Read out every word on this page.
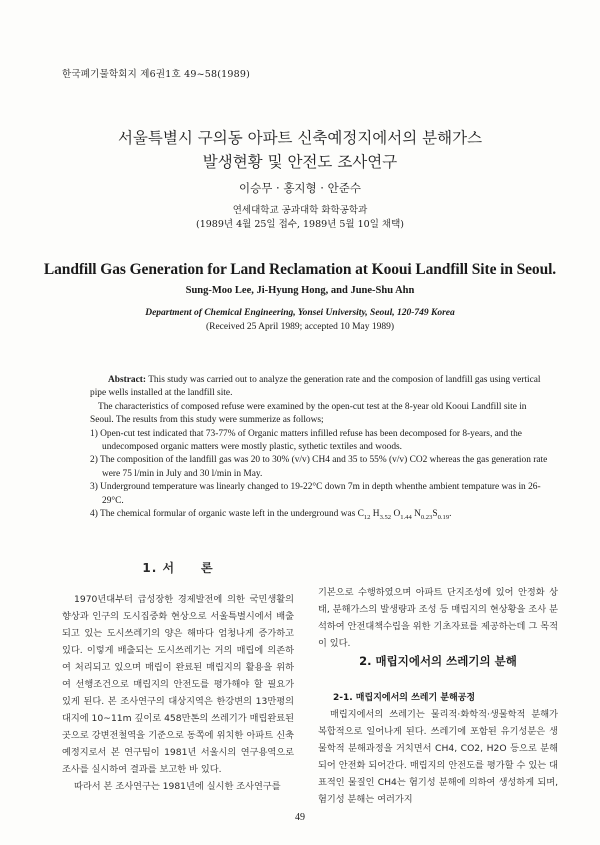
한국폐기물학회지 제6권1호 49~58(1989)
서울특별시 구의동 아파트 신축예정지에서의 분해가스
발생현황 및 안전도 조사연구
이승무 · 홍지형 · 안준수
연세대학교 공과대학 화학공학과
(1989년 4월 25일 접수, 1989년 5월 10일 채택)
Landfill Gas Generation for Land Reclamation at Kooui Landfill Site in Seoul.
Sung-Moo Lee, Ji-Hyung Hong, and June-Shu Ahn
Department of Chemical Engineering, Yonsei University, Seoul, 120-749 Korea
(Received 25 April 1989; accepted 10 May 1989)

Abstract: This study was carried out to analyze the generation rate and the composion of landfill gas using vertical pipe wells installed at the landfill site.

The characteristics of composed refuse were examined by the open-cut test at the 8-year old Kooui Landfill site in Seoul. The results from this study were summerize as follows;

1) Open-cut test indicated that 73-77% of Organic matters infilled refuse has been decomposed for 8-years, and the undecomposed organic matters were mostly plastic, sythetic textiles and woods.

2) The composition of the landfill gas was 20 to 30% (v/v) CH4 and 35 to 55% (v/v) CO2 whereas the gas generation rate were 75 l/min in July and 30 l/min in May.

3) Underground temperature was linearly changed to 19-22°C down 7m in depth whenthe ambient tempature was in 26-29°C.

4) The chemical formular of organic waste left in the underground was $C_{12}$ $H_{3.52}$ $O_{1.44}$ $N_{0.23}S_{0.19}$.

1. 서     론

1970년대부터 급성장한 경제발전에 의한 국민생활의 향상과 인구의 도시집중화 현상으로 서울특별시에서 배출되고 있는 도시쓰레기의 양은 해마다 엄청나게 증가하고 있다. 이렇게 배출되는 도시쓰레기는 거의 매립에 의존하여 처리되고 있으며 매립이 완료된 매립지의 활용을 위하여 선행조건으로 매립지의 안전도를 평가해야 할 필요가 있게 된다. 본 조사연구의 대상지역은 한강변의 13만평의 대지에 10~11m 깊이로 458만톤의 쓰레기가 매립완료된 곳으로 강변전철역을 기준으로 동쪽에 위치한 아파트 신축예정지로서 본 연구팀이 1981년 서울시의 연구용역으로 조사를 실시하여 결과를 보고한 바 있다.

따라서 본 조사연구는 1981년에 실시한 조사연구를

기본으로 수행하였으며 아파트 단지조성에 있어 안정화 상태, 분해가스의 발생량과 조성 등 매립지의 현상황을 조사 분석하여 안전대책수립을 위한 기초자료를 제공하는데 그 목적이 있다.

2. 매립지에서의 쓰레기의 분해
2-1. 매립지에서의 쓰레기 분해공정

매립지에서의 쓰레기는 물리적·화학적·생물학적 분해가 복합적으로 일어나게 된다. 쓰레기에 포함된 유기성분은 생물학적 분해과정을 거치면서 CH4, CO2, H2O 등으로 분해되어 안전화 되어간다. 매립지의 안전도를 평가할 수 있는 대표적인 물질인 CH4는 혐기성 분해에 의하여 생성하게 되며, 혐기성 분해는 여러가지

49
